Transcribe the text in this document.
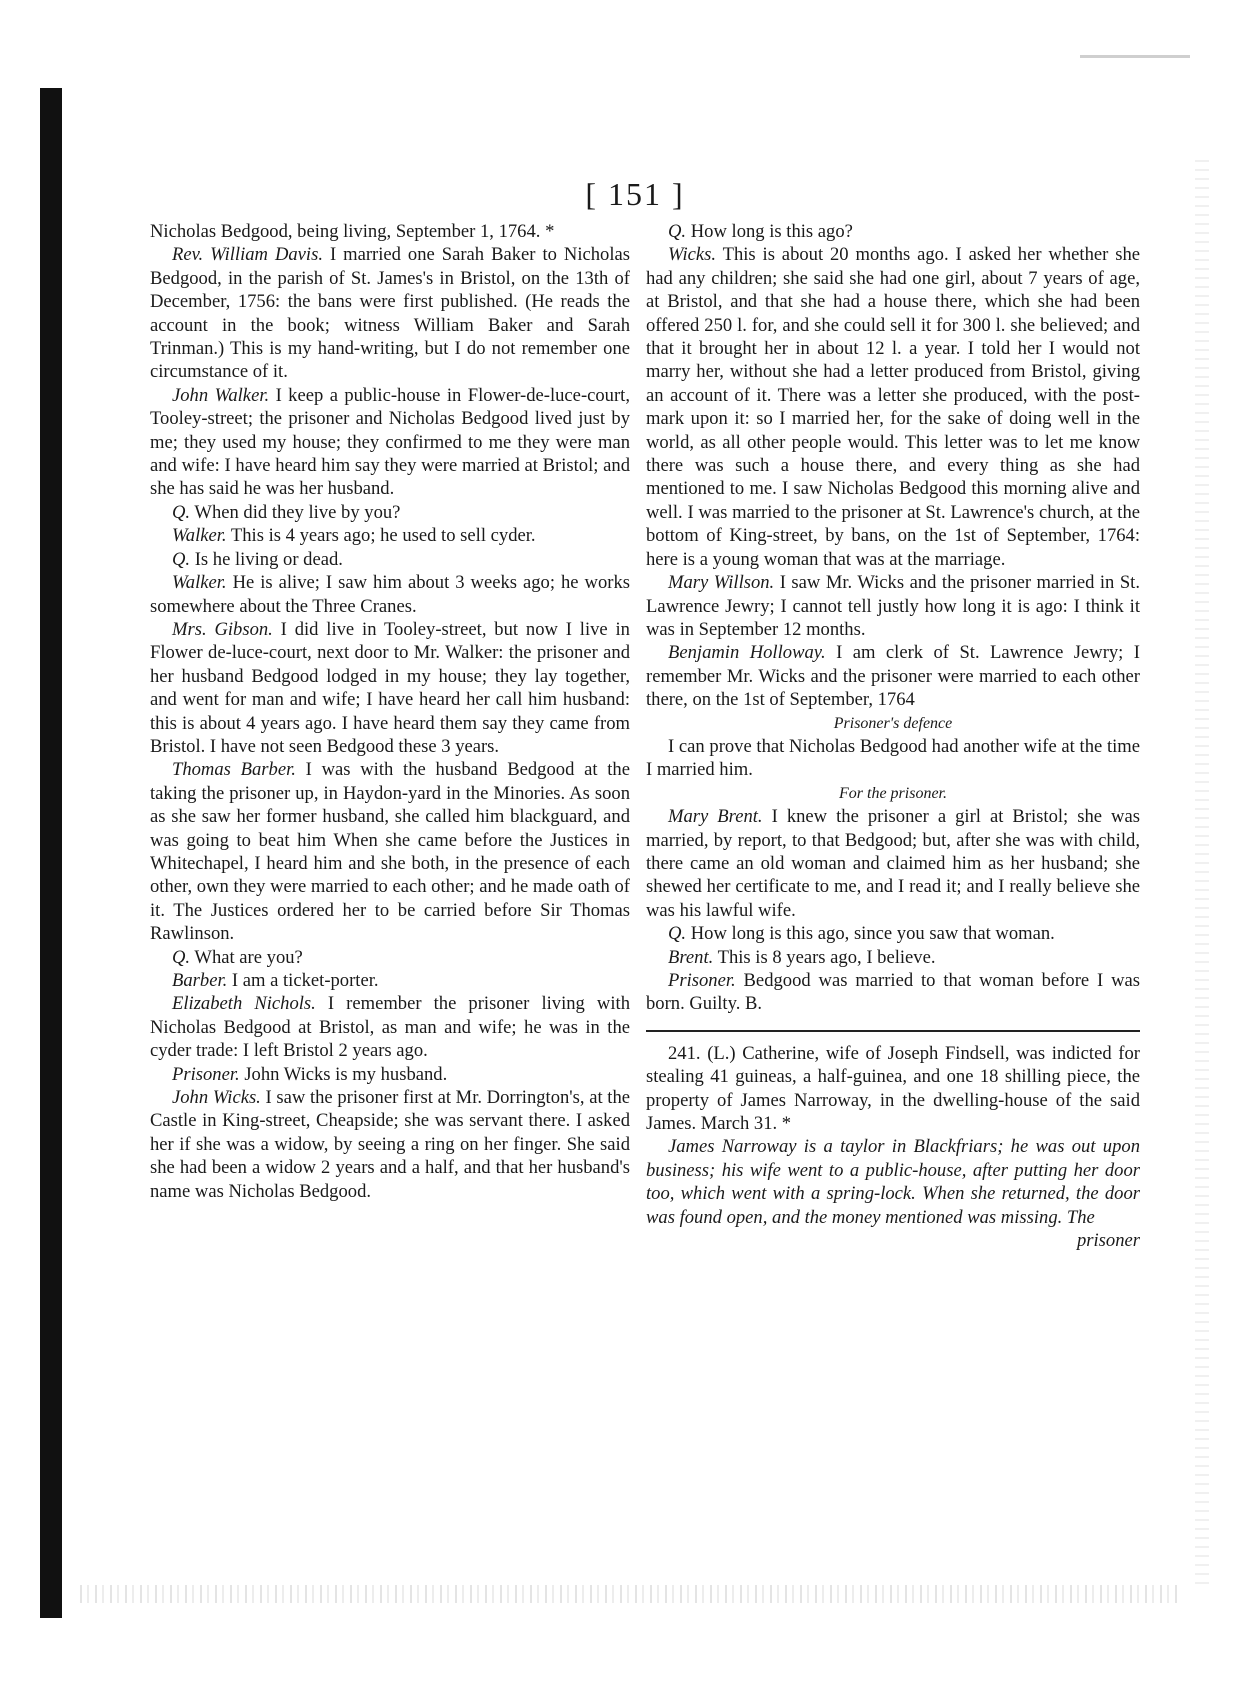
[ 151 ]

Nicholas Bedgood, being living, September 1, 1764. *

Rev. William Davis. I married one Sarah Baker to Nicholas Bedgood, in the parish of St. James's in Bristol, on the 13th of December, 1756: the bans were first published. (He reads the account in the book; witness William Baker and Sarah Trinman.) This is my hand-writing, but I do not remember one circumstance of it.

John Walker. I keep a public-house in Flower-de-luce-court, Tooley-street; the prisoner and Nicholas Bedgood lived just by me; they used my house; they confirmed to me they were man and wife: I have heard him say they were married at Bristol; and she has said he was her husband.

Q. When did they live by you?

Walker. This is 4 years ago; he used to sell cyder.

Q. Is he living or dead.

Walker. He is alive; I saw him about 3 weeks ago; he works somewhere about the Three Cranes.

Mrs. Gibson. I did live in Tooley-street, but now I live in Flower de-luce-court, next door to Mr. Walker: the prisoner and her husband Bedgood lodged in my house; they lay together, and went for man and wife; I have heard her call him husband: this is about 4 years ago. I have heard them say they came from Bristol. I have not seen Bedgood these 3 years.

Thomas Barber. I was with the husband Bedgood at the taking the prisoner up, in Haydon-yard in the Minories. As soon as she saw her former husband, she called him blackguard, and was going to beat him When she came before the Justices in Whitechapel, I heard him and she both, in the presence of each other, own they were married to each other; and he made oath of it. The Justices ordered her to be carried before Sir Thomas Rawlinson.

Q. What are you?

Barber. I am a ticket-porter.

Elizabeth Nichols. I remember the prisoner living with Nicholas Bedgood at Bristol, as man and wife; he was in the cyder trade: I left Bristol 2 years ago.

Prisoner. John Wicks is my husband.

John Wicks. I saw the prisoner first at Mr. Dorrington's, at the Castle in King-street, Cheapside; she was servant there. I asked her if she was a widow, by seeing a ring on her finger. She said she had been a widow 2 years and a half, and that her husband's name was Nicholas Bedgood.

Q. How long is this ago?

Wicks. This is about 20 months ago. I asked her whether she had any children; she said she had one girl, about 7 years of age, at Bristol, and that she had a house there, which she had been offered 250 l. for, and she could sell it for 300 l. she believed; and that it brought her in about 12 l. a year. I told her I would not marry her, without she had a letter produced from Bristol, giving an account of it. There was a letter she produced, with the post-mark upon it: so I married her, for the sake of doing well in the world, as all other people would. This letter was to let me know there was such a house there, and every thing as she had mentioned to me. I saw Nicholas Bedgood this morning alive and well. I was married to the prisoner at St. Lawrence's church, at the bottom of King-street, by bans, on the 1st of September, 1764: here is a young woman that was at the marriage.

Mary Willson. I saw Mr. Wicks and the prisoner married in St. Lawrence Jewry; I cannot tell justly how long it is ago: I think it was in September 12 months.

Benjamin Holloway. I am clerk of St. Lawrence Jewry; I remember Mr. Wicks and the prisoner were married to each other there, on the 1st of September, 1764

Prisoner's defence

I can prove that Nicholas Bedgood had another wife at the time I married him.

For the prisoner.

Mary Brent. I knew the prisoner a girl at Bristol; she was married, by report, to that Bedgood; but, after she was with child, there came an old woman and claimed him as her husband; she shewed her certificate to me, and I read it; and I really believe she was his lawful wife.

Q. How long is this ago, since you saw that woman.

Brent. This is 8 years ago, I believe.

Prisoner. Bedgood was married to that woman before I was born. Guilty. B.

241. (L.) Catherine, wife of Joseph Findsell, was indicted for stealing 41 guineas, a half-guinea, and one 18 shilling piece, the property of James Narroway, in the dwelling-house of the said James. March 31. *

James Narroway is a taylor in Blackfriars; he was out upon business; his wife went to a public-house, after putting her door too, which went with a spring-lock. When she returned, the door was found open, and the money mentioned was missing. The

prisoner
